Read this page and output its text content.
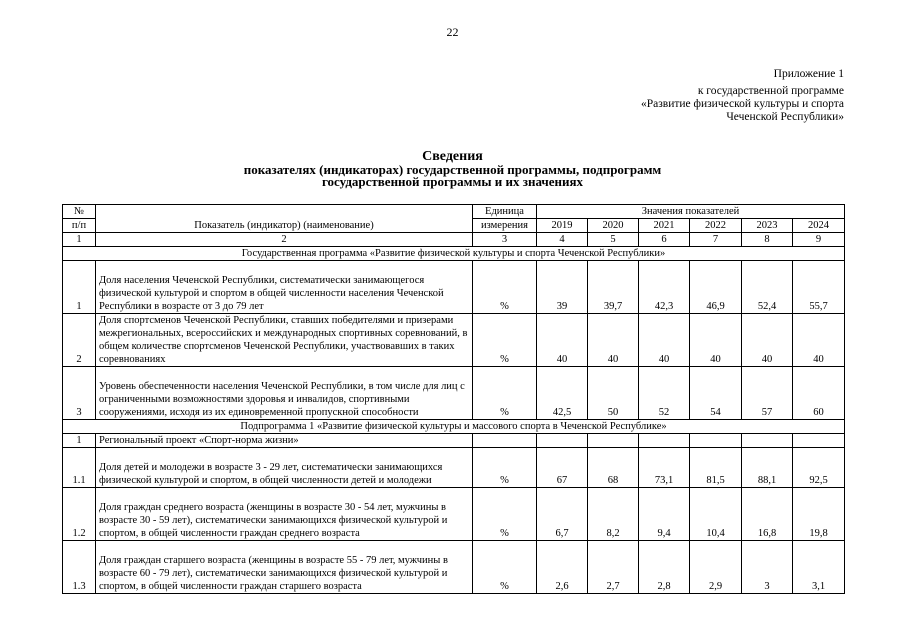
22
Приложение 1
к государственной программе
«Развитие физической культуры и спорта
Чеченской Республики»
Сведения
показателях (индикаторах) государственной программы, подпрограмм
государственной программы и их значениях
№	Показатель (индикатор) (наименование)	Единица	Значения показателей					
п/п		измерения	2019	2020	2021	2022	2023	2024
1	2	3	4	5	6	7	8	9
Государственная программа «Развитие физической культуры и спорта Чеченской Республики»								
1	Доля населения Чеченской Республики, систематически занимающегося физической культурой и спортом в общей численности населения Чеченской Республики в возрасте от 3 до 79 лет	%	39	39,7	42,3	46,9	52,4	55,7
2	Доля спортсменов Чеченской Республики, ставших победителями и призерами межрегиональных, всероссийских и международных спортивных соревнований, в общем количестве спортсменов Чеченской Республики, участвовавших в таких соревнованиях	%	40	40	40	40	40	40
3	Уровень обеспеченности населения Чеченской Республики, в том числе для лиц с ограниченными возможностями здоровья и инвалидов, спортивными сооружениями, исходя из их единовременной пропускной способности	%	42,5	50	52	54	57	60
Подпрограмма 1 «Развитие физической культуры и массового спорта в Чеченской Республике»								
1	Региональный проект «Спорт-норма жизни»							
1.1	Доля детей и молодежи в возрасте 3 - 29 лет, систематически занимающихся физической культурой и спортом, в общей численности детей и молодежи	%	67	68	73,1	81,5	88,1	92,5
1.2	Доля граждан среднего возраста (женщины в возрасте 30 - 54 лет, мужчины в возрасте 30 - 59 лет), систематически занимающихся физической культурой и спортом, в общей численности граждан среднего возраста	%	6,7	8,2	9,4	10,4	16,8	19,8
1.3	Доля граждан старшего возраста (женщины в возрасте 55 - 79 лет, мужчины в возрасте 60 - 79 лет), систематически занимающихся физической культурой и спортом, в общей численности граждан старшего возраста	%	2,6	2,7	2,8	2,9	3	3,1
